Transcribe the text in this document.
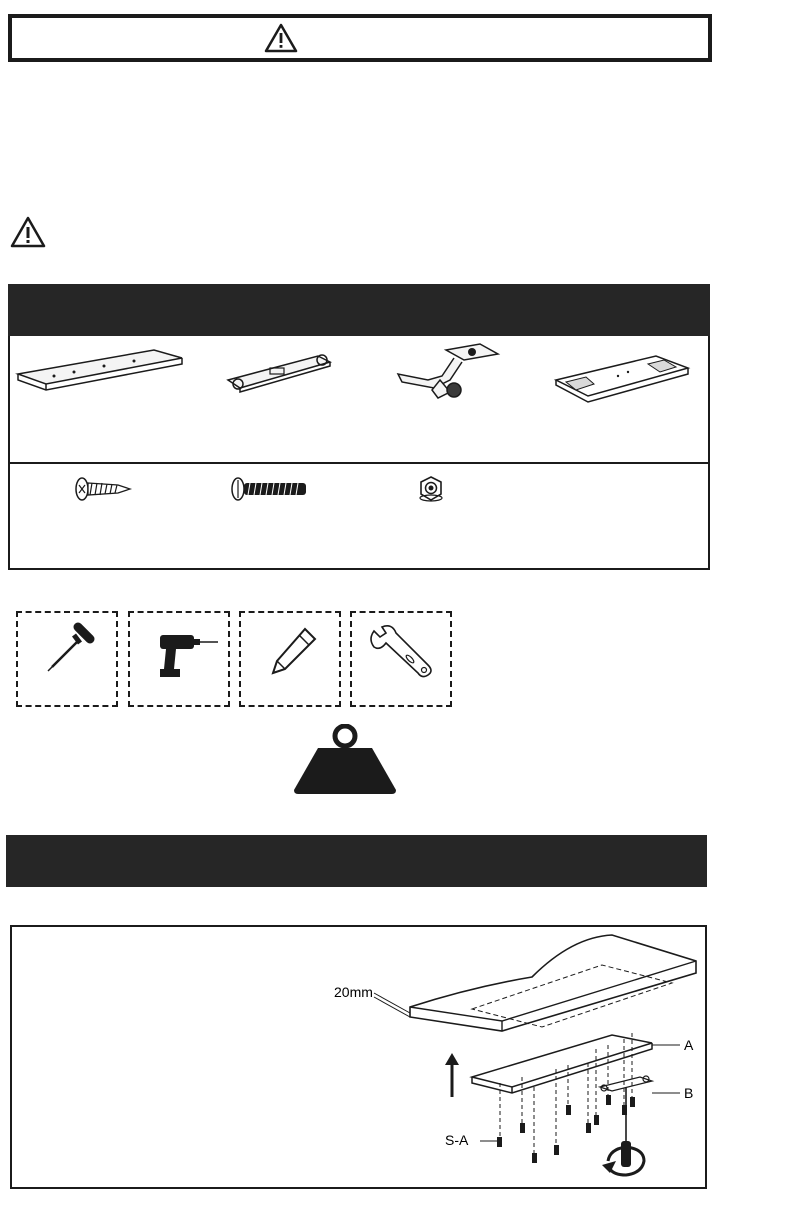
20mm
A
B
S-A
